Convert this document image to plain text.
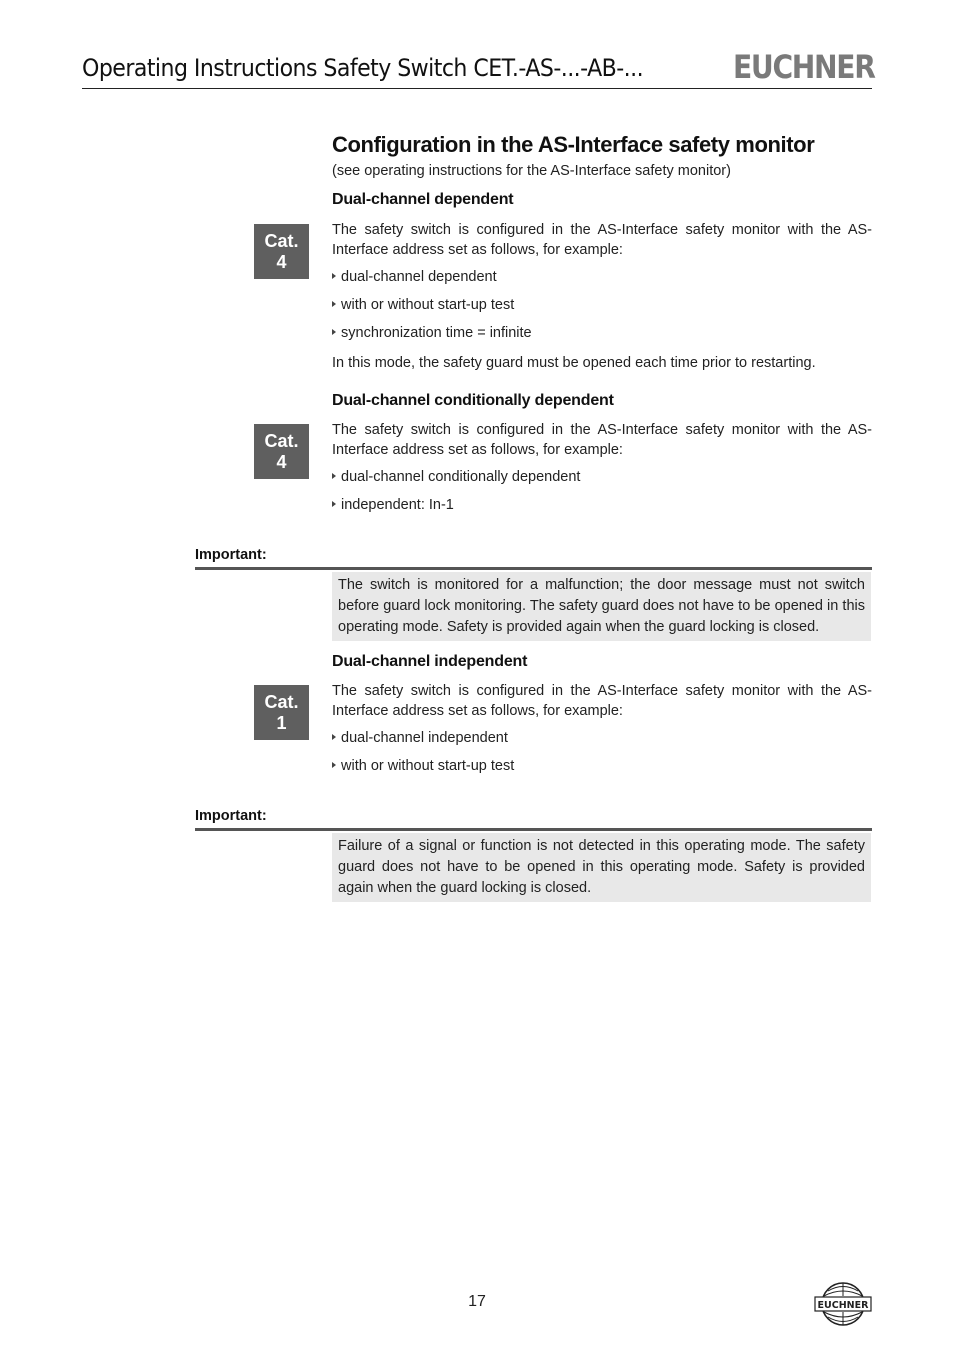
Operating Instructions Safety Switch CET.-AS-...-AB-...	EUCHNER
Configuration in the AS-Interface safety monitor
(see operating instructions for the AS-Interface safety monitor)
Dual-channel dependent
Cat.
4
The safety switch is configured in the AS-Interface safety monitor with the AS-Interface address set as follows, for example:
dual-channel dependent
with or without start-up test
synchronization time = infinite
In this mode, the safety guard must be opened each time prior to restarting.
Dual-channel conditionally dependent
Cat.
4
The safety switch is configured in the AS-Interface safety monitor with the AS-Interface address set as follows, for example:
dual-channel conditionally dependent
independent: In-1
Important:
The switch is monitored for a malfunction; the door message must not switch before guard lock monitoring. The safety guard does not have to be opened in this operating mode. Safety is provided again when the guard locking is closed.
Dual-channel independent
Cat.
1
The safety switch is configured in the AS-Interface safety monitor with the AS-Interface address set as follows, for example:
dual-channel independent
with or without start-up test
Important:
Failure of a signal or function is not detected in this operating mode. The safety guard does not have to be opened in this operating mode. Safety is provided again when the guard locking is closed.
17	EUCHNER
